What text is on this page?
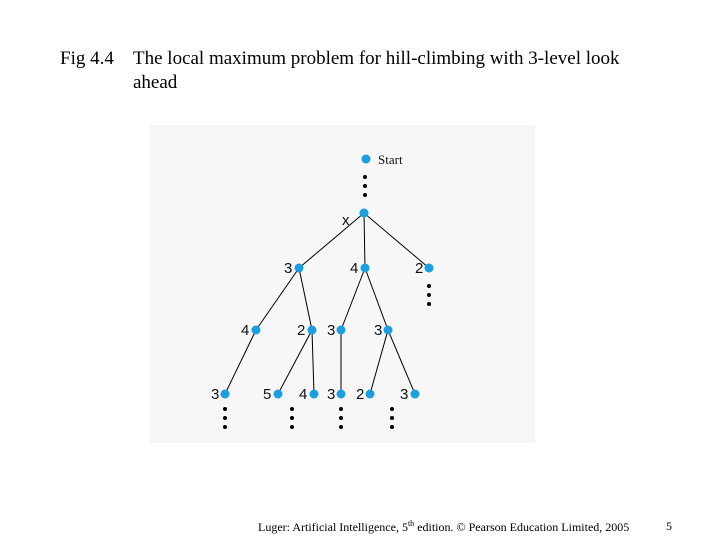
Fig 4.4 The local maximum problem for hill-climbing with 3-level look ahead
Start
x
3	4	2
4	2 3	3
3	5 4 3 2 3
Luger: Artificial Intelligence, 5th edition. © Pearson Education Limited, 2005	5
